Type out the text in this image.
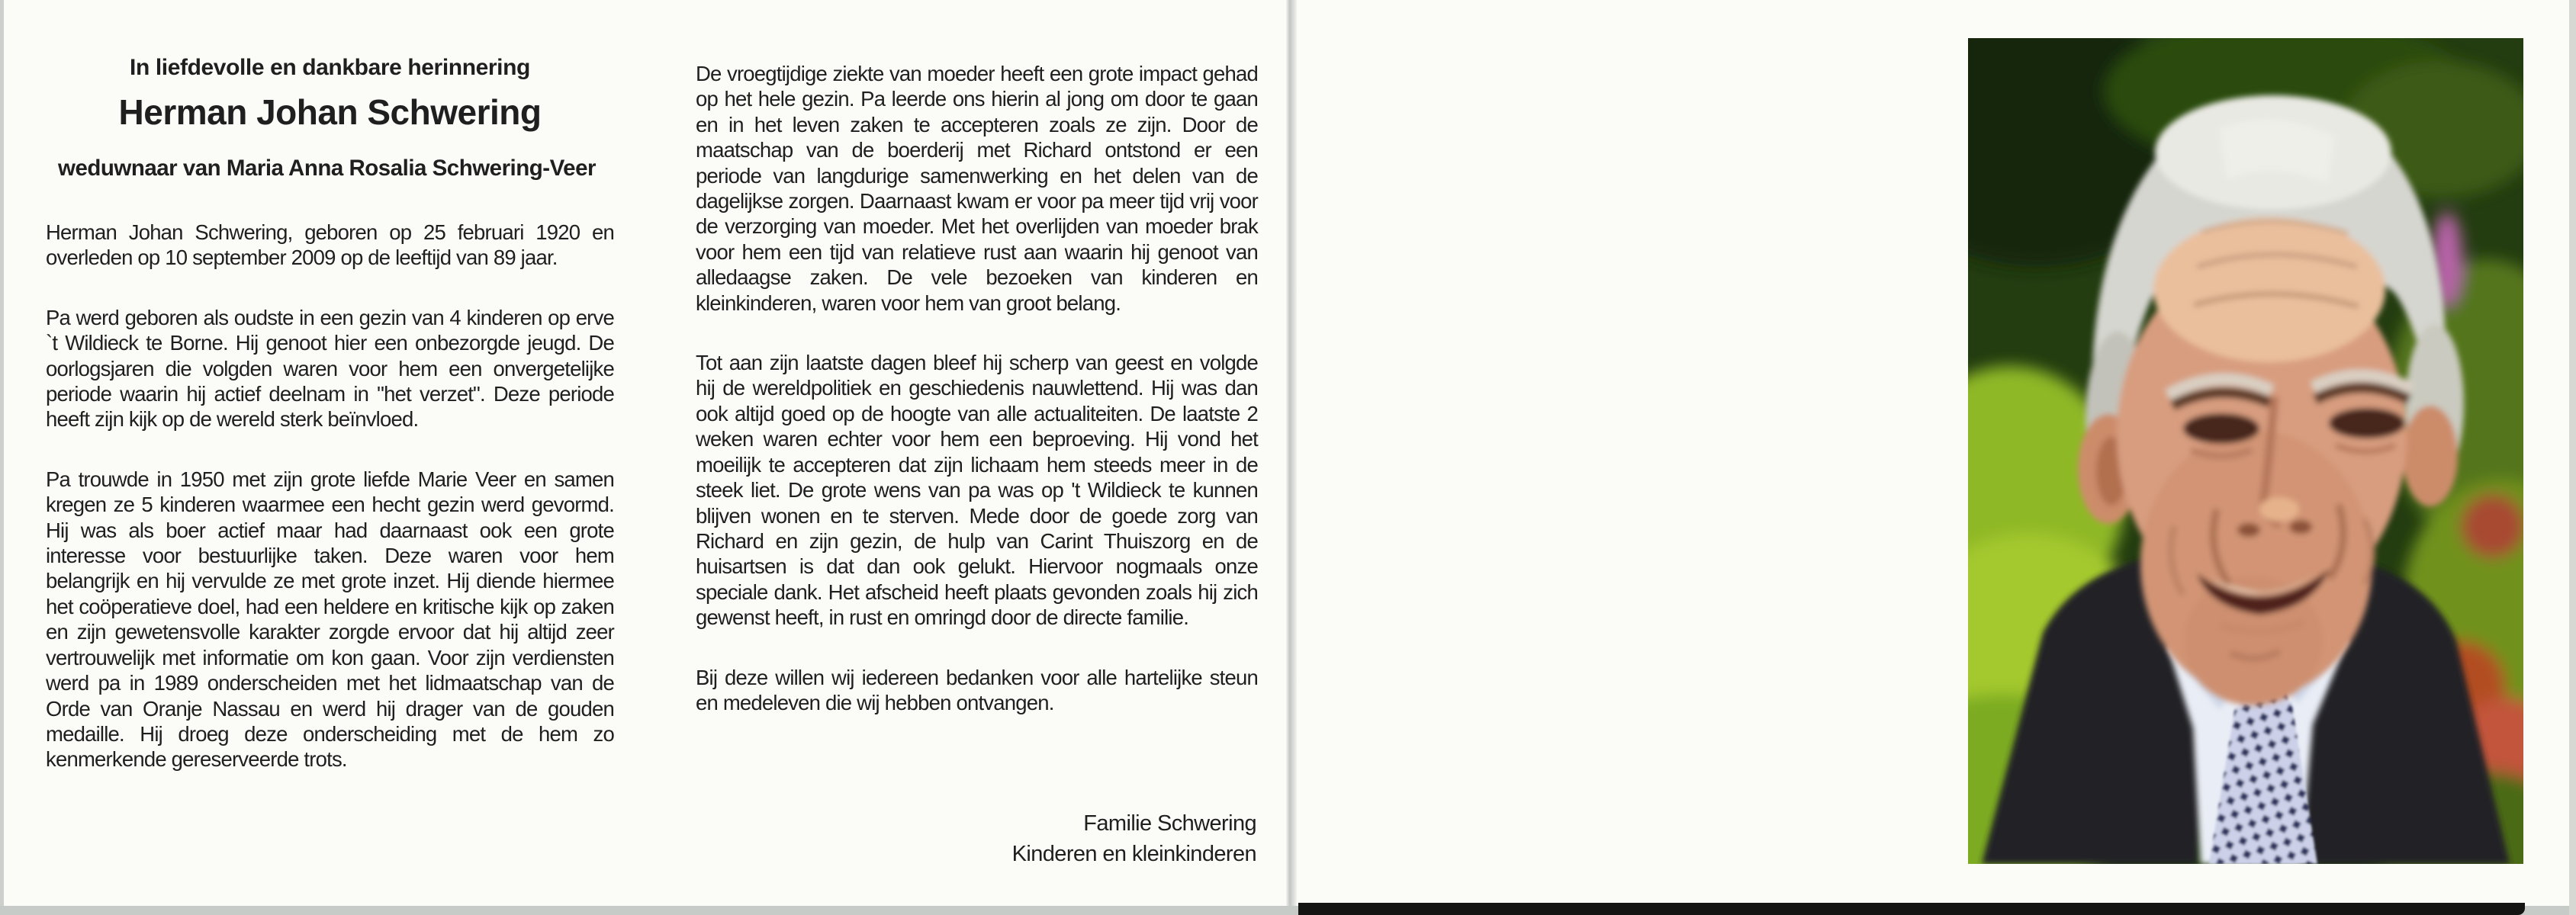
In liefdevolle en dankbare herinnering
Herman Johan Schwering
weduwnaar van Maria Anna Rosalia Schwering-Veer

Herman Johan Schwering, geboren op 25 februari 1920 en overleden op 10 september 2009 op de leeftijd van 89 jaar.

Pa werd geboren als oudste in een gezin van 4 kinderen op erve `t Wildieck te Borne. Hij genoot hier een onbezorgde jeugd. De oorlogsjaren die volgden waren voor hem een onvergetelijke periode waarin hij actief deelnam in "het verzet". Deze periode heeft zijn kijk op de wereld sterk beïnvloed.

Pa trouwde in 1950 met zijn grote liefde Marie Veer en samen kregen ze 5 kinderen waarmee een hecht gezin werd gevormd. Hij was als boer actief maar had daarnaast ook een grote interesse voor bestuurlijke taken. Deze waren voor hem belangrijk en hij vervulde ze met grote inzet. Hij diende hiermee het coöperatieve doel, had een heldere en kritische kijk op zaken en zijn gewetensvolle karakter zorgde ervoor dat hij altijd zeer vertrouwelijk met informatie om kon gaan. Voor zijn verdiensten werd pa in 1989 onderscheiden met het lidmaatschap van de Orde van Oranje Nassau en werd hij drager van de gouden medaille. Hij droeg deze onderscheiding met de hem zo kenmerkende gereserveerde trots.

De vroegtijdige ziekte van moeder heeft een grote impact gehad op het hele gezin. Pa leerde ons hierin al jong om door te gaan en in het leven zaken te accepteren zoals ze zijn. Door de maatschap van de boerderij met Richard ontstond er een periode van langdurige samenwerking en het delen van de dagelijkse zorgen. Daarnaast kwam er voor pa meer tijd vrij voor de verzorging van moeder. Met het overlijden van moeder brak voor hem een tijd van relatieve rust aan waarin hij genoot van alledaagse zaken. De vele bezoeken van kinderen en kleinkinderen, waren voor hem van groot belang.

Tot aan zijn laatste dagen bleef hij scherp van geest en volgde hij de wereldpolitiek en geschiedenis nauwlettend. Hij was dan ook altijd goed op de hoogte van alle actualiteiten. De laatste 2 weken waren echter voor hem een beproeving. Hij vond het moeilijk te accepteren dat zijn lichaam hem steeds meer in de steek liet. De grote wens van pa was op 't Wildieck te kunnen blijven wonen en te sterven. Mede door de goede zorg van Richard en zijn gezin, de hulp van Carint Thuiszorg en de huisartsen is dat dan ook gelukt. Hiervoor nogmaals onze speciale dank. Het afscheid heeft plaats gevonden zoals hij zich gewenst heeft, in rust en omringd door de directe familie.

Bij deze willen wij iedereen bedanken voor alle hartelijke steun en medeleven die wij hebben ontvangen.

Familie Schwering
Kinderen en kleinkinderen
